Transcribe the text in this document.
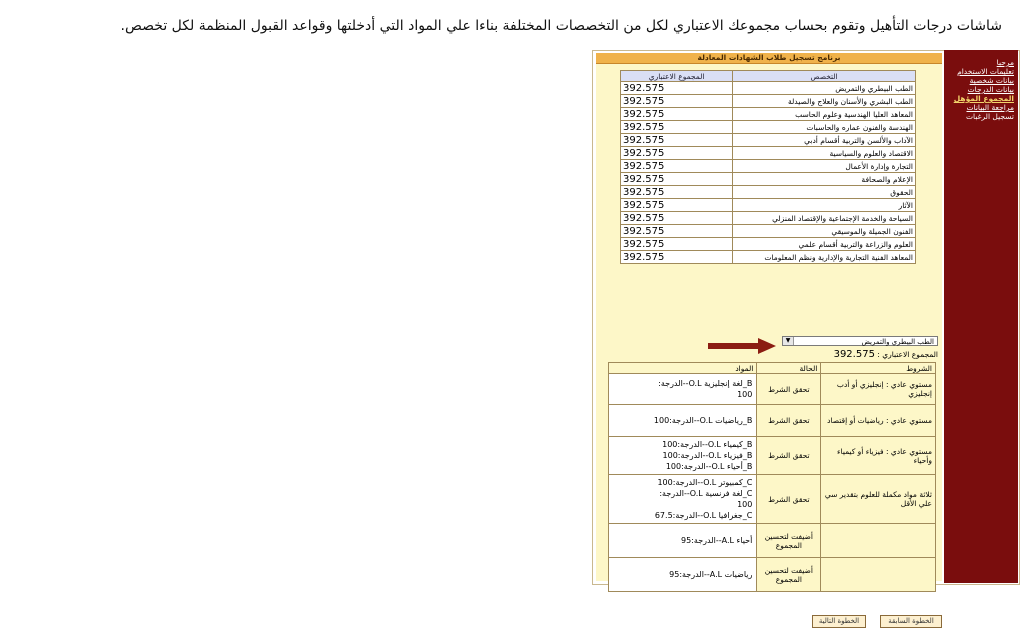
شاشات درجات التأهيل وتقوم بحساب مجموعك الاعتباري لكل من التخصصات المختلفة بناءا علي المواد التي أدخلتها وقواعد القبول المنظمة لكل تخصص.
مرحبا
تعليمات الاستخدام
بيانات شخصية
بيانات الدرجات
المجموع المؤهل
مراجعة البيانات
تسجيل الرغبات
برنامج تسجيل طلاب الشهادات المعادلة
التخصص	المجموع الاعتباري
الطب البيطري والتمريض	392.575
الطب البشري والأسنان والعلاج والصيدلة	392.575
المعاهد العليا الهندسية وعلوم الحاسب	392.575
الهندسة والفنون عماره والحاسبات	392.575
الآداب والألسن والتربية أقسام أدبي	392.575
الاقتصاد والعلوم والسياسية	392.575
التجارة وإدارة الأعمال	392.575
الإعلام والصحافة	392.575
الحقوق	392.575
الآثار	392.575
السياحة والخدمة الإجتماعية والإقتصاد المنزلي	392.575
الفنون الجميلة والموسيقي	392.575
العلوم والزراعة والتربية أقسام علمي	392.575
المعاهد الفنية التجارية والإدارية ونظم المعلومات	392.575
الطب البيطري والتمريض
▼
المجموع الاعتباري : 392.575
الشروط	الحالة	المواد
مستوي عادي : إنجليزي أو أدب إنجليزي	تحقق الشرط	B_لغة إنجليزية O.L--الدرجة:
100

مستوي عادي : رياضيات أو إقتصاد	تحقق الشرط	B_رياضيات O.L--الدرجة:100

مستوي عادي : فيزياء أو كيمياء وأحياء	تحقق الشرط	B_كيمياء O.L--الدرجة:100
B_فيزياء O.L--الدرجة:100
B_أحياء O.L--الدرجة:100

ثلاثة مواد مكملة للعلوم بتقدير سي علي الأقل	تحقق الشرط	C_كمبيوتر O.L--الدرجة:100
C_لغة فرنسية O.L--الدرجة:
100
C_جغرافيا O.L--الدرجة:67.5

	أضيفت لتحسين المجموع	أحياء A.L--الدرجة:95

	أضيفت لتحسين المجموع	رياضيات A.L--الدرجة:95
الخطوة السابقة
الخطوة التالية
